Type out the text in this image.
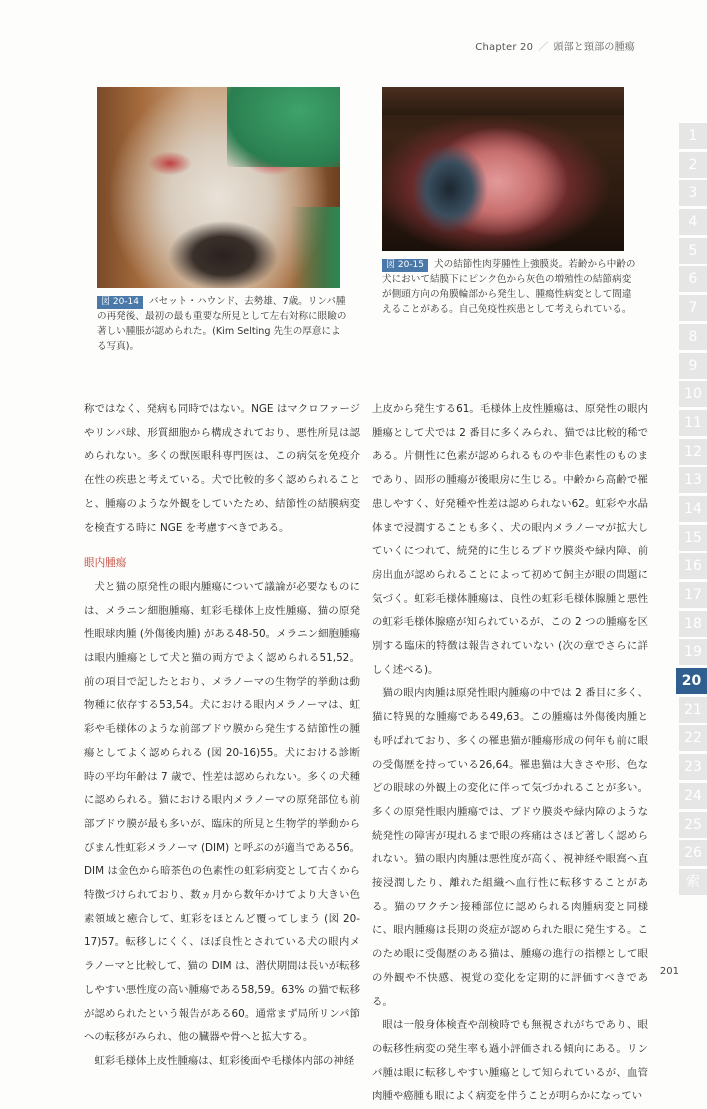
Chapter 20 ／ 頭部と頸部の腫瘍
図 20-14 バセット・ハウンド、去勢雄、7歳。リンパ腫の再発後、最初の最も重要な所見として左右対称に眼瞼の著しい腫脹が認められた。(Kim Selting 先生の厚意による写真)。
図 20-15 犬の結節性肉芽腫性上強膜炎。若齢から中齢の犬において結膜下にピンク色から灰色の増殖性の結節病変が側頭方向の角膜輪部から発生し、腫瘍性病変として間違えることがある。自己免疫性疾患として考えられている。

称ではなく、発病も同時ではない。NGE はマクロファージやリンパ球、形質細胞から構成されており、悪性所見は認められない。多くの獣医眼科専門医は、この病気を免疫介在性の疾患と考えている。犬で比較的多く認められることと、腫瘍のような外観をしていたため、結節性の結膜病変を検査する時に NGE を考慮すべきである。

眼内腫瘍

犬と猫の原発性の眼内腫瘍について議論が必要なものには、メラニン細胞腫瘍、虹彩毛様体上皮性腫瘍、猫の原発性眼球肉腫 (外傷後肉腫) がある48-50。メラニン細胞腫瘍は眼内腫瘍として犬と猫の両方でよく認められる51,52。前の項目で記したとおり、メラノーマの生物学的挙動は動物種に依存する53,54。犬における眼内メラノーマは、虹彩や毛様体のような前部ブドウ膜から発生する結節性の腫瘍としてよく認められる (図 20-16)55。犬における診断時の平均年齢は 7 歳で、性差は認められない。多くの犬種に認められる。猫における眼内メラノーマの原発部位も前部ブドウ膜が最も多いが、臨床的所見と生物学的挙動からびまん性虹彩メラノーマ (DIM) と呼ぶのが適当である56。DIM は金色から暗茶色の色素性の虹彩病変として古くから特徴づけられており、数ヵ月から数年かけてより大きい色素領域と癒合して、虹彩をほとんど覆ってしまう (図 20-17)57。転移しにくく、ほぼ良性とされている犬の眼内メラノーマと比較して、猫の DIM は、潜伏期間は長いが転移しやすい悪性度の高い腫瘍である58,59。63% の猫で転移が認められたという報告がある60。通常まず局所リンパ節への転移がみられ、他の臓器や骨へと拡大する。

虹彩毛様体上皮性腫瘍は、虹彩後面や毛様体内部の神経

上皮から発生する61。毛様体上皮性腫瘍は、原発性の眼内腫瘍として犬では 2 番目に多くみられ、猫では比較的稀である。片側性に色素が認められるものや非色素性のものまであり、固形の腫瘍が後眼房に生じる。中齢から高齢で罹患しやすく、好発種や性差は認められない62。虹彩や水晶体まで浸潤することも多く、犬の眼内メラノーマが拡大していくにつれて、続発的に生じるブドウ膜炎や緑内障、前房出血が認められることによって初めて飼主が眼の問題に気づく。虹彩毛様体腫瘍は、良性の虹彩毛様体腺腫と悪性の虹彩毛様体腺癌が知られているが、この 2 つの腫瘍を区別する臨床的特徴は報告されていない (次の章でさらに詳しく述べる)。

猫の眼内肉腫は原発性眼内腫瘍の中では 2 番目に多く、猫に特異的な腫瘍である49,63。この腫瘍は外傷後肉腫とも呼ばれており、多くの罹患猫が腫瘍形成の何年も前に眼の受傷歴を持っている26,64。罹患猫は大きさや形、色などの眼球の外観上の変化に伴って気づかれることが多い。多くの原発性眼内腫瘍では、ブドウ膜炎や緑内障のような続発性の障害が現れるまで眼の疼痛はさほど著しく認められない。猫の眼内肉腫は悪性度が高く、視神経や眼窩へ直接浸潤したり、離れた組織へ血行性に転移することがある。猫のワクチン接種部位に認められる肉腫病変と同様に、眼内腫瘍は長期の炎症が認められた眼に発生する。このため眼に受傷歴のある猫は、腫瘍の進行の指標として眼の外観や不快感、視覚の変化を定期的に評価すべきである。

眼は一般身体検査や剖検時でも無視されがちであり、眼の転移性病変の発生率も過小評価される傾向にある。リンパ腫は眼に転移しやすい腫瘍として知られているが、血管肉腫や癌腫も眼によく病変を伴うことが明らかになってい

1
2
3
4
5
6
7
8
9
10
11
12
13
14
15
16
17
18
19
20
21
22
23
24
25
26
索
201
